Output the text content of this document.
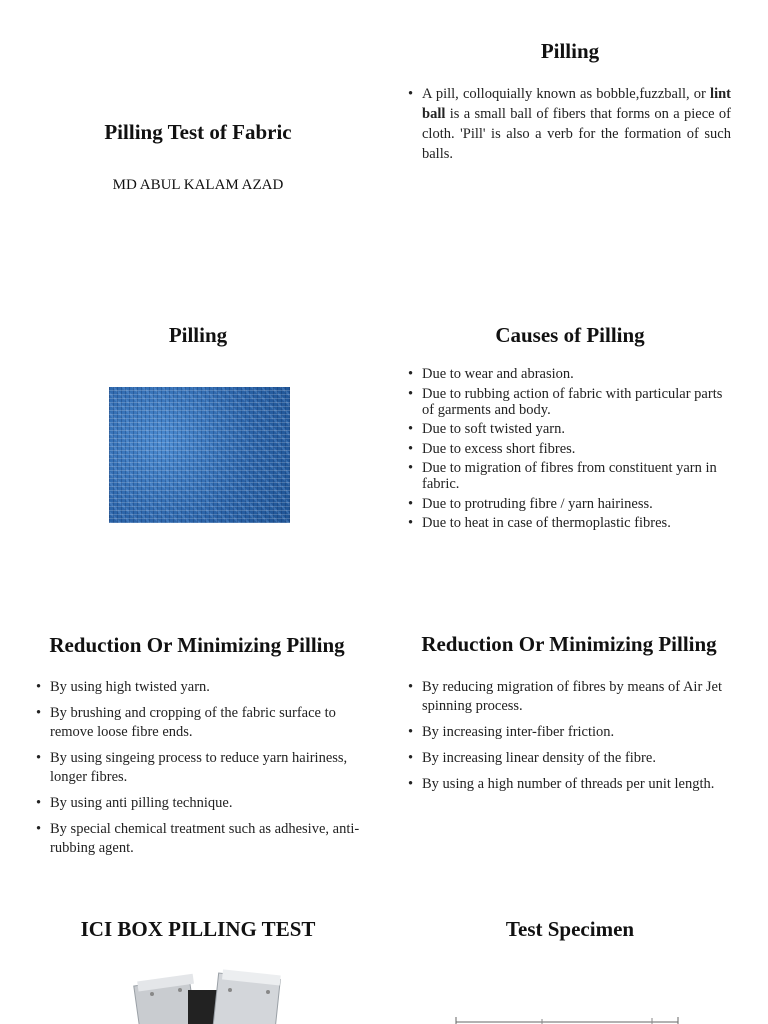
Pilling Test of Fabric
MD ABUL KALAM AZAD
Pilling
• A pill, colloquially known as bobble,fuzzball, or lint ball is a small ball of fibers that forms on a piece of cloth. 'Pill' is also a verb for the formation of such balls.
Pilling	Causes of Pilling
• Due to wear and abrasion.
• Due to rubbing action of fabric with particular parts of garments and body.
• Due to soft twisted yarn.
• Due to excess short fibres.
• Due to migration of fibres from constituent yarn in fabric.
• Due to protruding fibre / yarn hairiness.
• Due to heat in case of thermoplastic fibres.
Reduction Or Minimizing Pilling
• By using high twisted yarn.
• By brushing and cropping of the fabric surface to remove loose fibre ends.
• By using singeing process to reduce yarn hairiness, longer fibres.
• By using anti pilling technique.
• By special chemical treatment such as adhesive, anti-rubbing agent.
Reduction Or Minimizing Pilling
• By reducing migration of fibres by means of Air Jet spinning process.
• By increasing inter-fiber friction.
• By increasing linear density of the fibre.
• By using a high number of threads per unit length.
ICI BOX PILLING TEST	Test Specimen
